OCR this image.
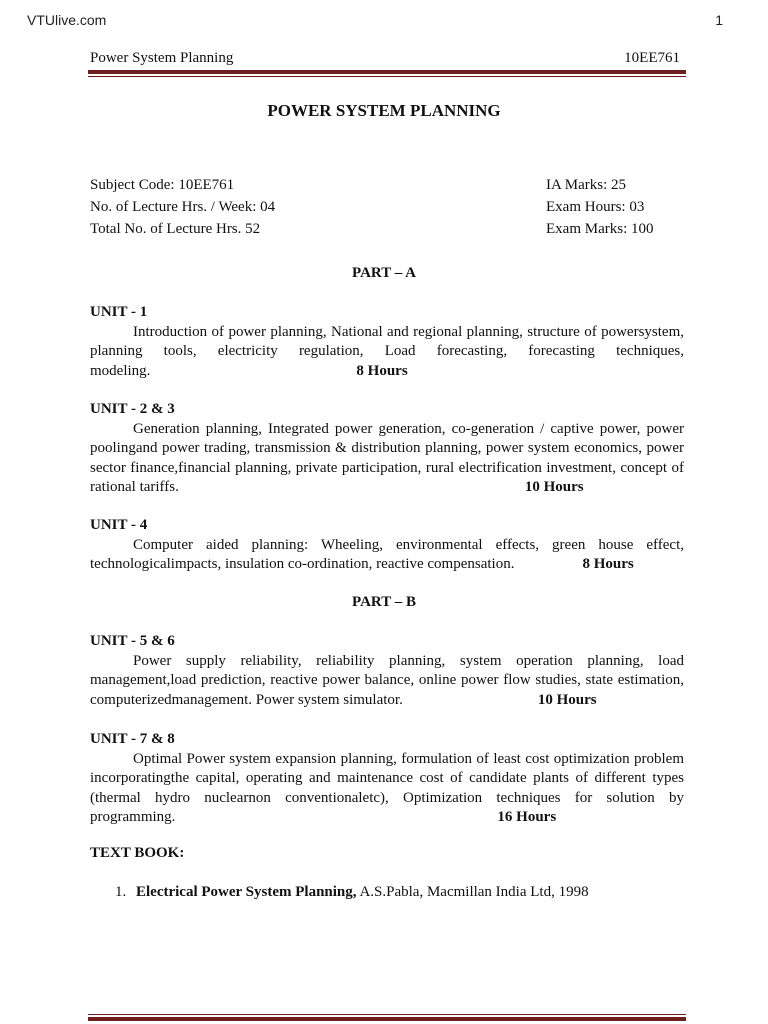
VTUlive.com	1
Power System Planning	10EE761
POWER SYSTEM PLANNING
Subject Code: 10EE761
No. of Lecture Hrs. / Week: 04
Total No. of Lecture Hrs. 52
IA Marks: 25
Exam Hours: 03
Exam Marks: 100
PART – A
UNIT - 1
Introduction of power planning, National and regional planning, structure of powersystem, planning tools, electricity regulation, Load forecasting, forecasting techniques, modeling.	8 Hours
UNIT - 2 & 3
Generation planning, Integrated power generation, co-generation / captive power, power poolingand power trading, transmission & distribution planning, power system economics, power sector finance,financial planning, private participation, rural electrification investment, concept of rational tariffs.	10 Hours
UNIT - 4
Computer aided planning: Wheeling, environmental effects, green house effect, technologicalimpacts, insulation co-ordination, reactive compensation.	8 Hours
PART – B
UNIT - 5 & 6
Power supply reliability, reliability planning, system operation planning, load management,load prediction, reactive power balance, online power flow studies, state estimation, computerizedmanagement. Power system simulator.	10 Hours
UNIT - 7 & 8
Optimal Power system expansion planning, formulation of least cost optimization problem incorporatingthe capital, operating and maintenance cost of candidate plants of different types (thermal hydro nuclearnon conventionaletc), Optimization techniques for solution by programming.	16 Hours
TEXT BOOK:
1. Electrical Power System Planning, A.S.Pabla, Macmillan India Ltd, 1998
